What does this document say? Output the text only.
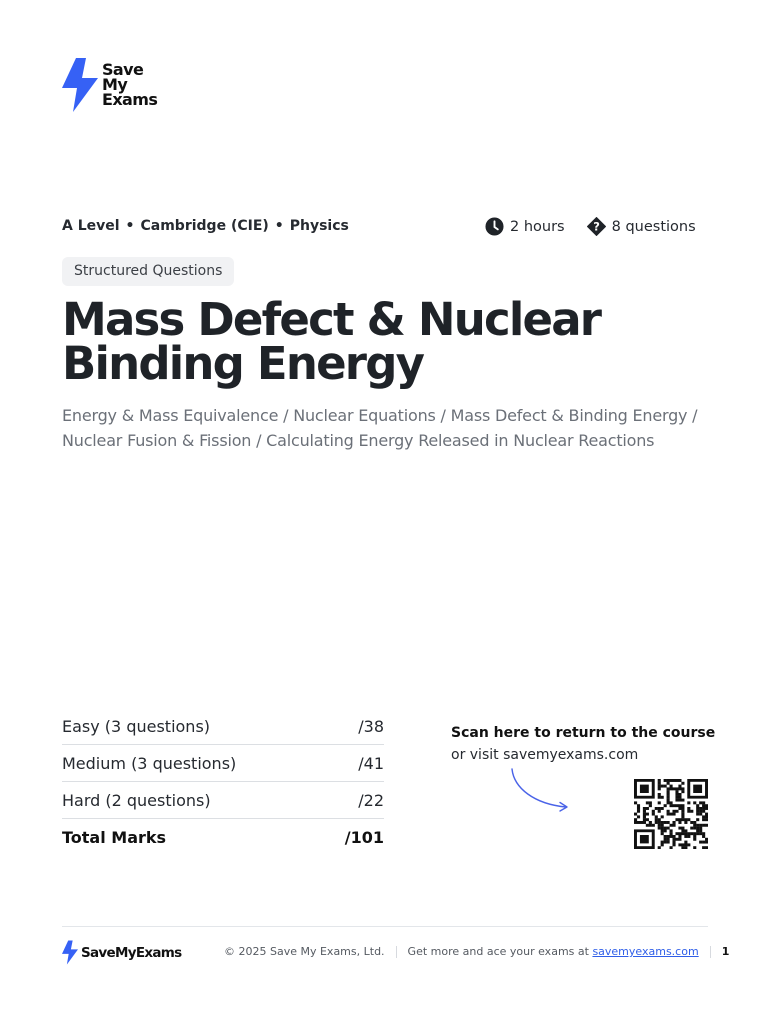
Save
My
Exams
A Level • Cambridge (CIE) • Physics	2 hours ? 8 questions
Structured Questions
Mass Defect & Nuclear
Binding Energy
Energy & Mass Equivalence / Nuclear Equations / Mass Defect & Binding Energy / Nuclear Fusion & Fission / Calculating Energy Released in Nuclear Reactions
Easy (3 questions)	/38
Medium (3 questions)	/41
Hard (2 questions)	/22
Total Marks	/101
Scan here to return to the course
or visit savemyexams.com
SaveMyExams	© 2025 Save My Exams, Ltd. Get more and ace your exams at savemyexams.com 1
